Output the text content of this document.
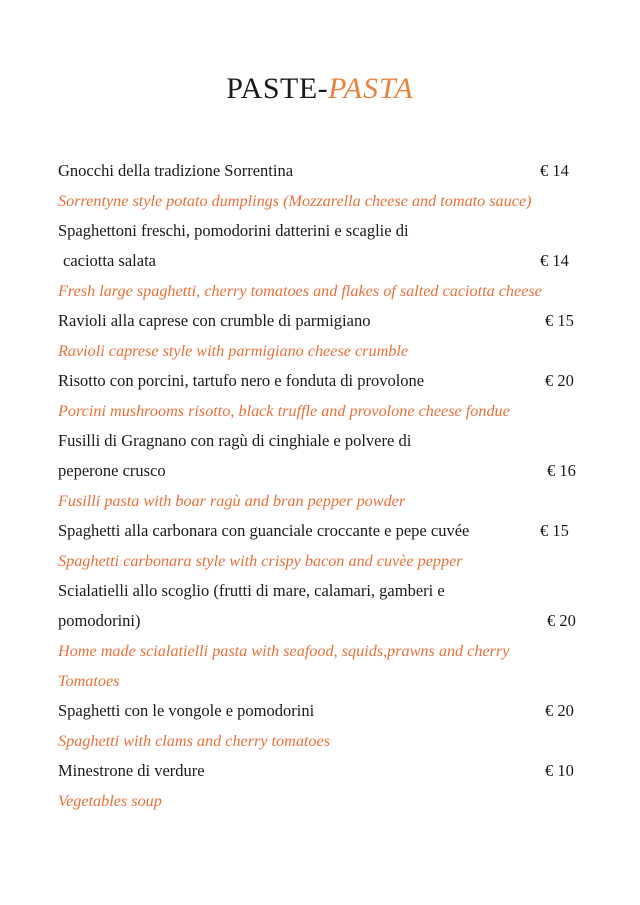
PASTE-PASTA
Gnocchi della tradizione Sorrentina	€ 14
Sorrentyne style potato dumplings (Mozzarella cheese and tomato sauce)
Spaghettoni freschi, pomodorini datterini e scaglie di
caciotta salata	€ 14
Fresh large spaghetti, cherry tomatoes and flakes of salted caciotta cheese
Ravioli alla caprese con crumble di parmigiano	€ 15
Ravioli caprese style with parmigiano cheese crumble
Risotto con porcini, tartufo nero e fonduta di provolone	€ 20
Porcini mushrooms risotto, black truffle and provolone cheese fondue
Fusilli di Gragnano con ragù di cinghiale e polvere di
peperone crusco	€ 16
Fusilli pasta with boar ragù and bran pepper powder
Spaghetti alla carbonara con guanciale croccante e pepe cuvée	€ 15
Spaghetti carbonara style with crispy bacon and cuvèe pepper
Scialatielli allo scoglio (frutti di mare, calamari, gamberi e
pomodorini)	€ 20
Home made scialatielli pasta with seafood, squids,prawns and cherry
Tomatoes
Spaghetti con le vongole e pomodorini	€ 20
Spaghetti with clams and cherry tomatoes
Minestrone di verdure	€ 10
Vegetables soup
